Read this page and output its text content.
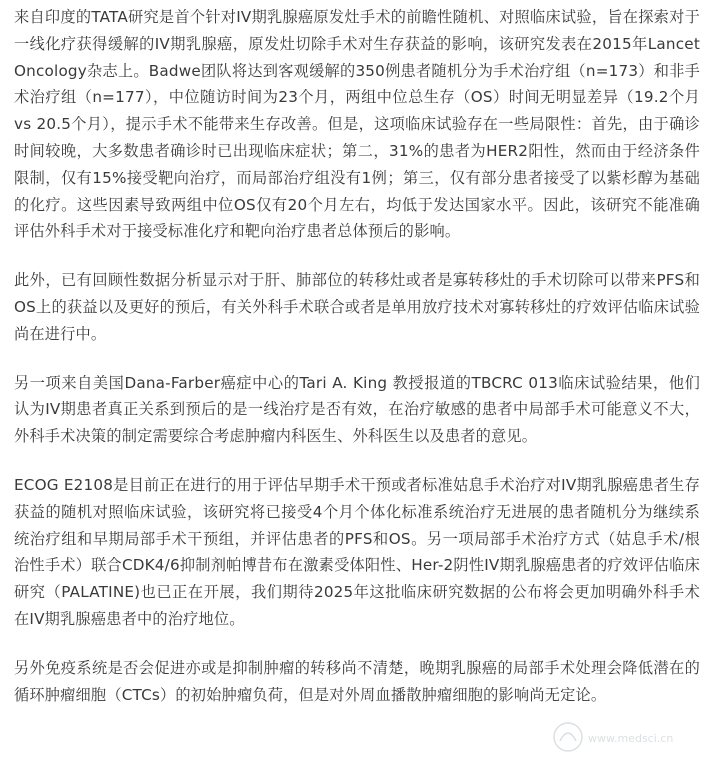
来自印度的TATA研究是首个针对IV期乳腺癌原发灶手术的前瞻性随机、对照临床试验，旨在探索对于一线化疗获得缓解的IV期乳腺癌，原发灶切除手术对生存获益的影响，该研究发表在2015年Lancet Oncology杂志上。Badwe团队将达到客观缓解的350例患者随机分为手术治疗组（n=173）和非手术治疗组（n=177），中位随访时间为23个月，两组中位总生存（OS）时间无明显差异（19.2个月vs 20.5个月），提示手术不能带来生存改善。但是，这项临床试验存在一些局限性：首先，由于确诊时间较晚，大多数患者确诊时已出现临床症状；第二，31%的患者为HER2阳性，然而由于经济条件限制，仅有15%接受靶向治疗，而局部治疗组没有1例；第三，仅有部分患者接受了以紫杉醇为基础的化疗。这些因素导致两组中位OS仅有20个月左右，均低于发达国家水平。因此，该研究不能准确评估外科手术对于接受标准化疗和靶向治疗患者总体预后的影响。

此外，已有回顾性数据分析显示对于肝、肺部位的转移灶或者是寡转移灶的手术切除可以带来PFS和OS上的获益以及更好的预后，有关外科手术联合或者是单用放疗技术对寡转移灶的疗效评估临床试验尚在进行中。

另一项来自美国Dana-Farber癌症中心的Tari A. King 教授报道的TBCRC 013临床试验结果，他们认为IV期患者真正关系到预后的是一线治疗是否有效，在治疗敏感的患者中局部手术可能意义不大，外科手术决策的制定需要综合考虑肿瘤内科医生、外科医生以及患者的意见。

ECOG E2108是目前正在进行的用于评估早期手术干预或者标准姑息手术治疗对IV期乳腺癌患者生存获益的随机对照临床试验，该研究将已接受4个月个体化标准系统治疗无进展的患者随机分为继续系统治疗组和早期局部手术干预组，并评估患者的PFS和OS。另一项局部手术治疗方式（姑息手术/根治性手术）联合CDK4/6抑制剂帕博昔布在激素受体阳性、Her-2阴性IV期乳腺癌患者的疗效评估临床研究（PALATINE)也已正在开展，我们期待2025年这批临床研究数据的公布将会更加明确外科手术在IV期乳腺癌患者中的治疗地位。

另外免疫系统是否会促进亦或是抑制肿瘤的转移尚不清楚，晚期乳腺癌的局部手术处理会降低潜在的循环肿瘤细胞（CTCs）的初始肿瘤负荷，但是对外周血播散肿瘤细胞的影响尚无定论。

www.medsci.cn
